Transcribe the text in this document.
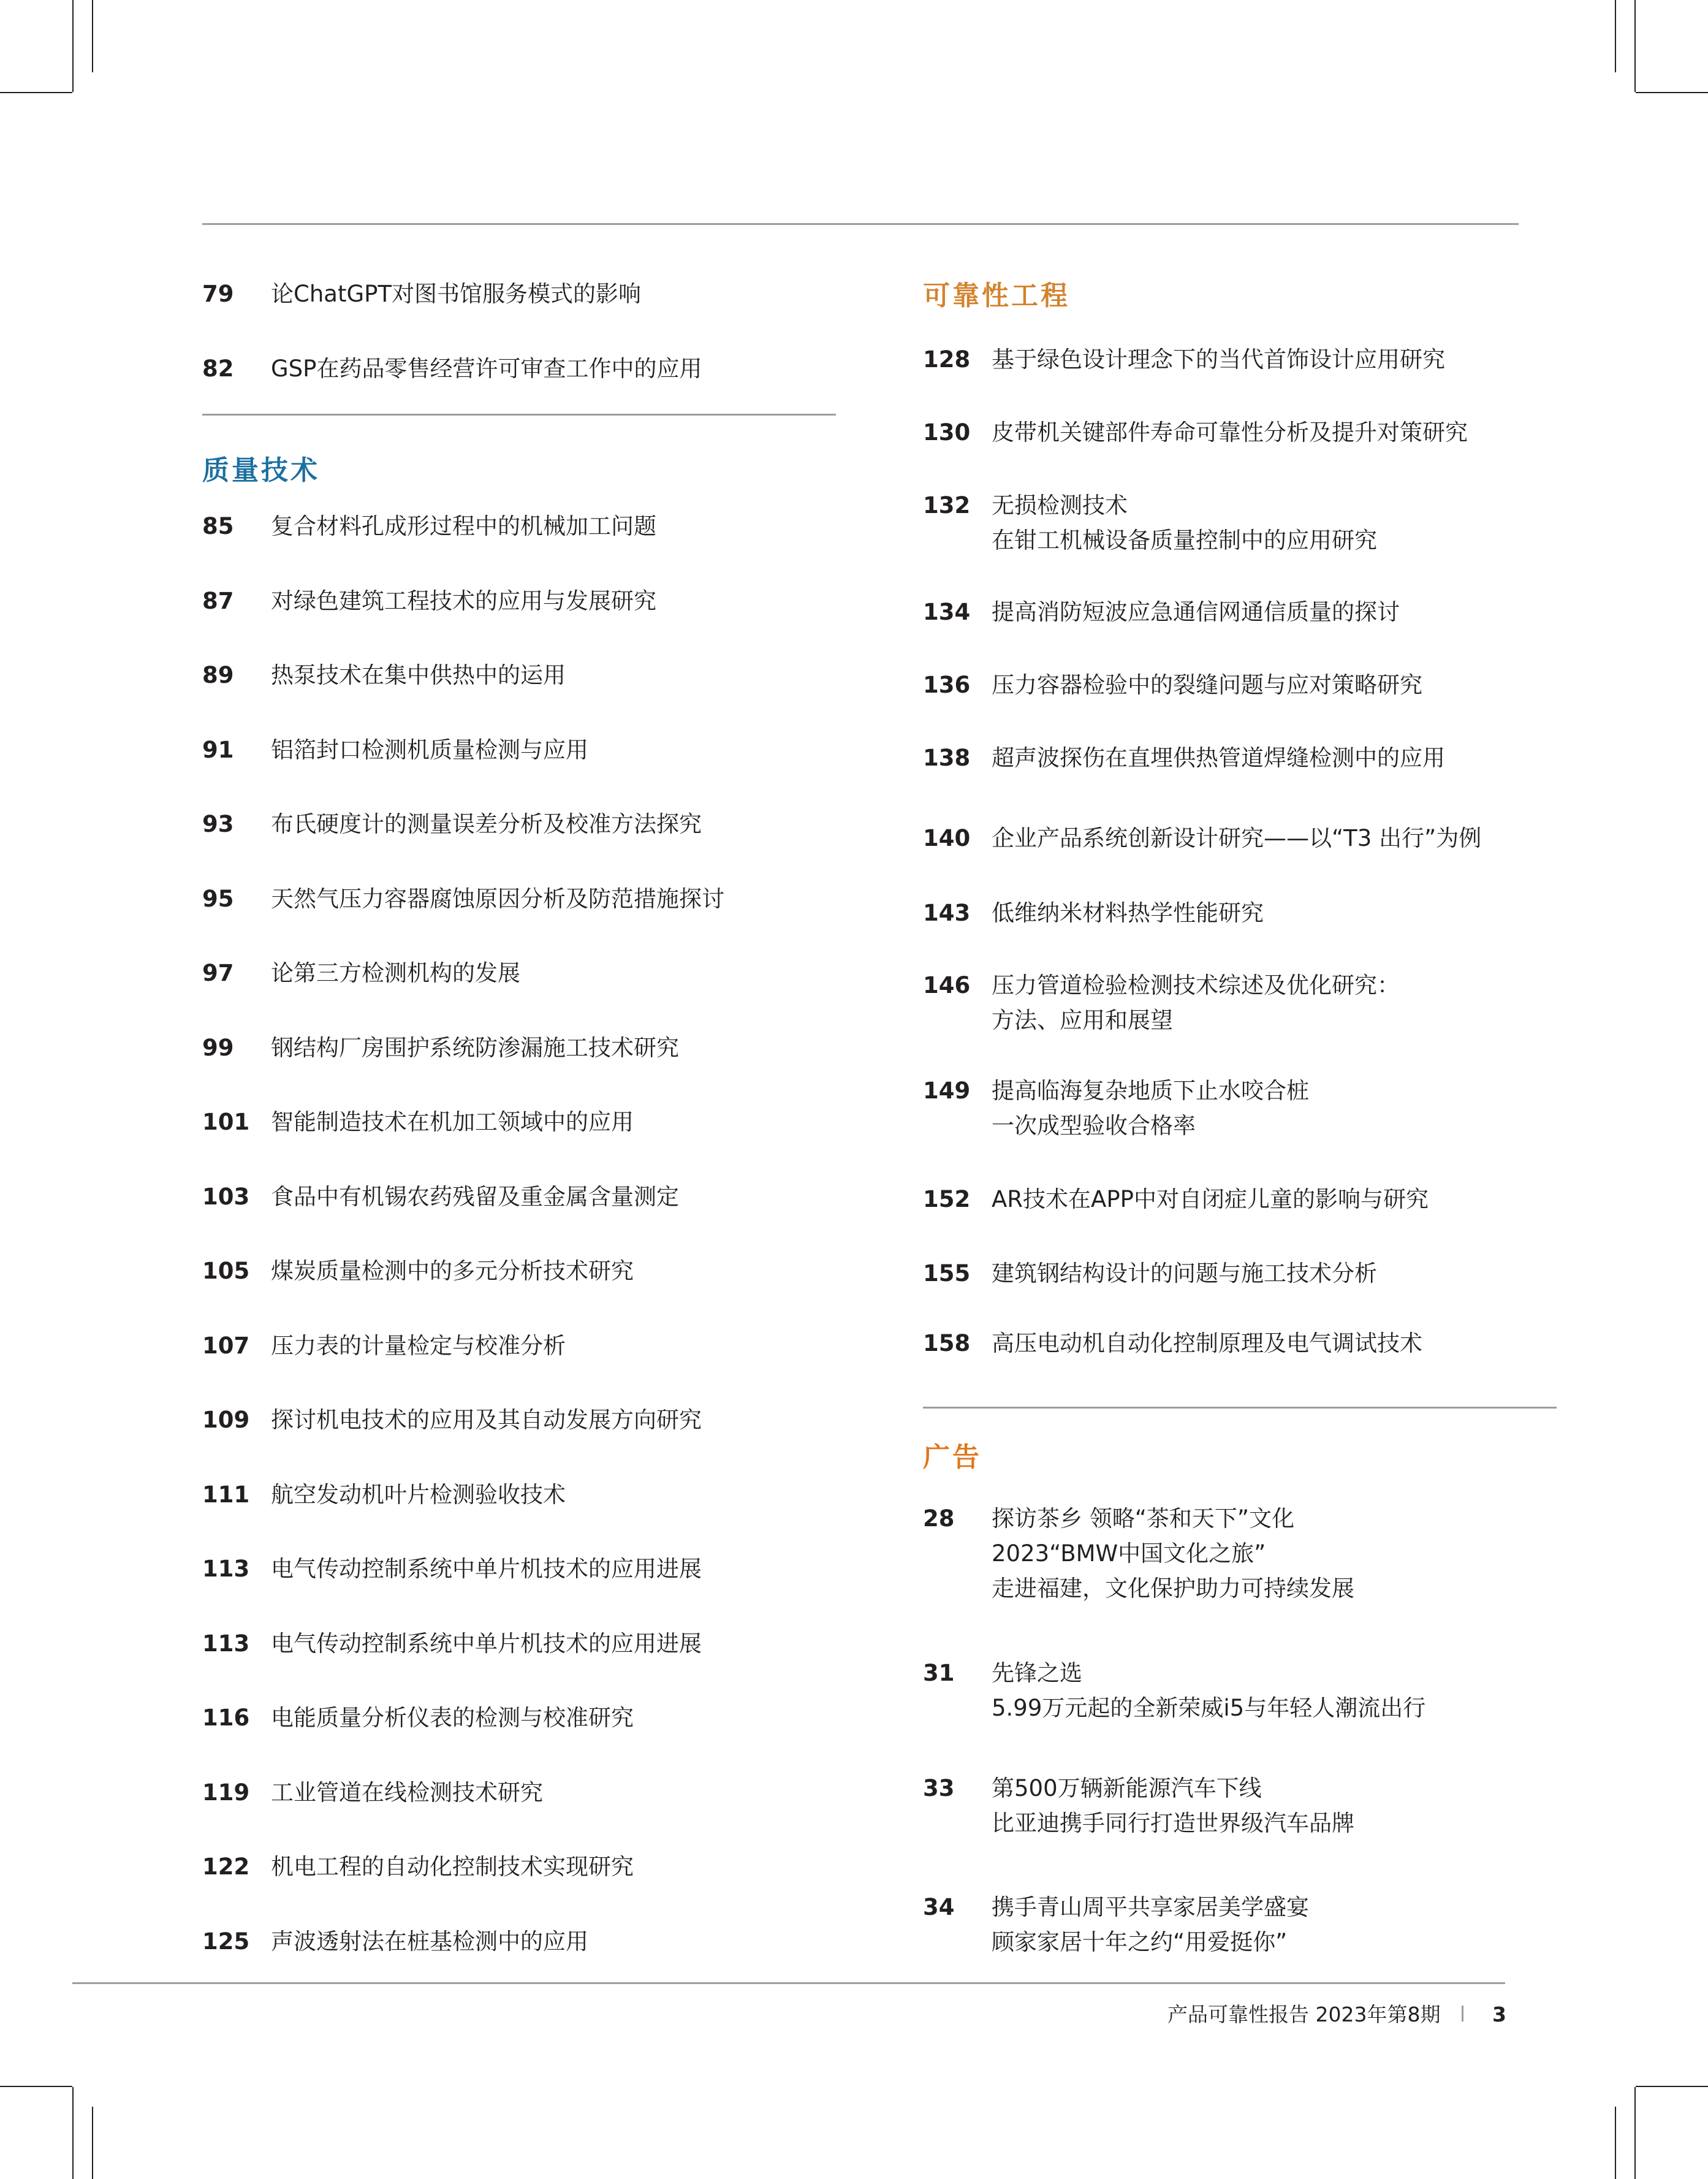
79	论ChatGPT对图书馆服务模式的影响
82	GSP在药品零售经营许可审查工作中的应用
质量技术
85	复合材料孔成形过程中的机械加工问题
87	对绿色建筑工程技术的应用与发展研究
89	热泵技术在集中供热中的运用
91	铝箔封口检测机质量检测与应用
93	布氏硬度计的测量误差分析及校准方法探究
95	天然气压力容器腐蚀原因分析及防范措施探讨
97	论第三方检测机构的发展
99	钢结构厂房围护系统防渗漏施工技术研究
101 智能制造技术在机加工领域中的应用
103 食品中有机锡农药残留及重金属含量测定
105 煤炭质量检测中的多元分析技术研究
107 压力表的计量检定与校准分析
109 探讨机电技术的应用及其自动发展方向研究
111 航空发动机叶片检测验收技术
113 电气传动控制系统中单片机技术的应用进展
113 电气传动控制系统中单片机技术的应用进展
116 电能质量分析仪表的检测与校准研究
119 工业管道在线检测技术研究
122 机电工程的自动化控制技术实现研究
125 声波透射法在桩基检测中的应用
可靠性工程
128 基于绿色设计理念下的当代首饰设计应用研究
130 皮带机关键部件寿命可靠性分析及提升对策研究
132 无损检测技术
在钳工机械设备质量控制中的应用研究
134 提高消防短波应急通信网通信质量的探讨
136 压力容器检验中的裂缝问题与应对策略研究
138 超声波探伤在直埋供热管道焊缝检测中的应用
140 企业产品系统创新设计研究——以“T3 出行”为例
143 低维纳米材料热学性能研究
146 压力管道检验检测技术综述及优化研究：
方法、应用和展望
149 提高临海复杂地质下止水咬合桩
一次成型验收合格率
152 AR技术在APP中对自闭症儿童的影响与研究
155 建筑钢结构设计的问题与施工技术分析
158 高压电动机自动化控制原理及电气调试技术
广告
28	探访茶乡 领略“茶和天下”文化
2023“BMW中国文化之旅”
走进福建，文化保护助力可持续发展
31	先锋之选
5.99万元起的全新荣威i5与年轻人潮流出行
33	第500万辆新能源汽车下线
比亚迪携手同行打造世界级汽车品牌
34	携手青山周平共享家居美学盛宴
顾家家居十年之约“用爱挺你”
产品可靠性报告 2023年第8期	3
